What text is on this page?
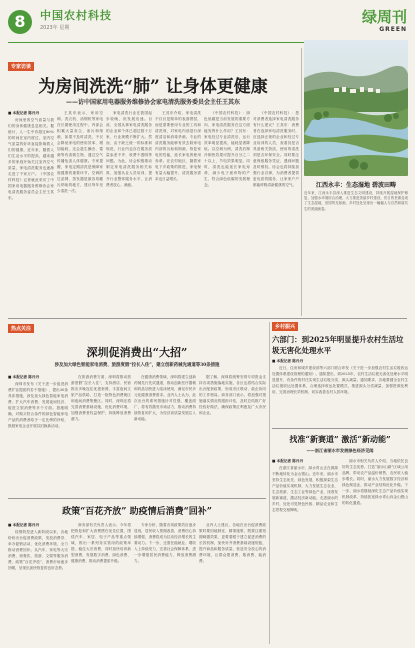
8	中国农村科技
2023年 星期
绿周刊
GREEN
专家访谈
为房间洗洗“肺” 让身体更健康
——访中国家用电器服务维修协会家电清洗服务委员会主任王其东

■ 本报记者 陈丹丹

房间里的空气质量与我们的身体健康息息相关。据统计，人一生中有超过80%的时间在室内度过，室内空气质量的好坏直接影响着人们的健康。近年来，随着人们生活水平的提高，越来越多的家庭开始关注室内空气质量，家电清洗服务也逐渐走进了千家万户。《中国农村科技》记者就此采访了中国家用电器服务维修协会家电清洗服务委员会主任王其东。

王其东表示，家用空调、洗衣机、油烟机等家电在长期使用过程中，内部会积累大量灰尘、油污和细菌，如果不及时清洗，不仅会降低家电的使用效率、增加能耗，还会滋生螨虫、霉菌等有害微生物，通过空气传播危害人体健康。专家提醒，家电定期清洗是保障家庭健康的重要环节。空调的过滤网、蒸发器是最容易藏污纳垢的地方，建议每年至少清洗一次。

家电清洗行业在我国起步较晚，但发展迅速。目前，全国从事家电清洗服务的企业和个体已超过数十万家，行业规模不断扩大。然而，由于缺乏统一的标准和规范，行业内也存在服务质量参差不齐、收费不透明等问题。为此，协会积极推动制定家电清洗服务相关标准，加强从业人员培训，提升行业整体服务水平，让消费者放心、满意。

王其东介绍，家电清洗不仅仅是简单的表面擦拭，而是需要使用专业的工具和清洗剂，对家电内部进行深度清洁和消毒杀菌。专业的清洗服务能够有效去除家电内部的污垢和细菌，恢复家电的性能，延长家电的使用寿命。在农村地区，随着家电下乡政策的推进，家电保有量大幅提升，清洗服务需求也日益增长。

《中国农村科技》：绿色低碳是当前发展的重要方向，家电清洗服务在这方面能发挥什么作用？王其东：家电经过专业清洗后，运行效率明显提高，能耗显著降低。以空调为例，清洗后制冷制热效果可提升百分之二十以上，节电效果明显。同时，清洗也能延长家电寿命，减少电子废弃物的产生，符合绿色低碳的发展理念。

《中国农村科技》：您对消费者选择家电清洗服务有什么建议？王其东：消费者在选择家电清洗服务时，应选择正规的企业和经过专业培训的人员，查看其是否具备相关资质，使用的清洗剂是否环保安全。同时要注意保留服务凭证，遇到问题及时维权。协会也将持续加强行业自律，为消费者提供更优质的服务，让家家户户都能呼吸清新健康的空气。	江西永丰：生态湿地 碧波田畴
近年来，江西永丰县深入推进生态文明建设，持续开展湿地保护修复，加强水环境综合治理，大力推进美丽乡村建设，昔日的荒滩变成了生态湿地，田园风光如画，乡村处处呈现出一幅幅人与自然和谐共生的美丽画卷。
热点关注
深圳促消费出“大招”
涉及加大绿色智能家电消费、旅游度假“拉长入住”，建立创新药械先通道等30条措施

■ 本报记者 陈丹丹

深圳市发布《关于进一步促进消费扩容提质的若干措施》，提出30条具体措施，涉及加大绿色智能家电消费、扩大汽车消费、发展夜间经济、促进文旅消费等多个方面。措施明确，对购买符合条件的绿色智能家电产品的消费者给予一定比例的补贴，鼓励家电企业开展以旧换新活动。

在旅游消费方面，深圳将推动旅游度假“拉长入住”，支持酒店、民宿推出多晚连住优惠套餐，丰富夜间文旅产品供给，打造一批特色消费街区和夜间消费集聚区。同时，深圳还将完善消费基础设施，优化消费环境，加强消费者权益保护，持续释放消费潜力。

在健康消费领域，深圳将建立创新药械先行先试通道，推动创新医疗器械和药品加快进入临床使用，满足市民多元化健康消费需求。业内人士认为，此次出台的系列措施针对性强、覆盖面广，将有效激发市场活力，推动消费持续恢复和扩大，为经济高质量发展注入新动能。

据了解，深圳将统筹安排专项资金支持各项措施落地实施，各区也将结合实际出台配套政策，形成市区联动、政企协同的工作格局。商务部门表示，将加强对措施落实情况的跟踪评估，及时总结推广好经验好做法，确保政策红利惠及广大市民和企业。

政策“百花齐放” 助疫情后消费“回补”

■ 本报记者 陈丹丹

疫情防控进入新阶段以来，各地纷纷出台促消费政策，发放消费券、举办促销活动、优化消费环境，全力推动消费回补。从汽车、家电等大宗消费，到餐饮、旅游、文娱等服务消费，政策“百花齐放”，消费市场逐步回暖，呈现出加快恢复的良好态势。

商务部有关负责人表示，今年将把恢复和扩大消费摆在优先位置，围绕汽车、家居、电子产品等重点领域，推出一系列务实管用的政策举措，稳住大宗消费，同时加快培育新型消费，发展数字消费、绿色消费、健康消费，推动消费提质升级。

专家分析，随着各项政策效应逐步显现，居民收入预期改善，消费信心持续增强，消费将成为拉动经济增长的主要动力。下一步，还需在稳就业、增收入上持续发力，完善社会保障体系，进一步增强居民消费能力，释放消费潜力。

业内人士建议，各地在出台促消费政策时要因地制宜、精准施策，既要注重短期刺激效果，更要着眼于建立促进消费的长效机制，加快补齐消费基础设施短板，提升商品和服务质量，营造安全放心的消费环境，让群众愿消费、敢消费、能消费。

乡村振兴
六部门：到2025年明显提升农村生活垃圾无害化处理水平

■ 本报记者 陈丹丹

近日，住房和城乡建设部等六部门联合印发《关于进一步加强农村生活垃圾收运处置体系建设管理的通知》。通知提出，到2025年，农村生活垃圾无害化处理水平明显提升，有条件的村庄实现生活垃圾分类、源头减量。通知要求，各地要健全农村生活垃圾收运处置体系，合理选择收运处置模式，推进源头分类减量，加强资源化利用，完善治理长效机制，切实改善农村人居环境。

找准“新赛道” 激活“新动能”
——浙江省丽水市发展绿色经济见闻

■ 本报记者 陈丹丹

在浙江省丽水市，绿水青山正在源源不断地转化为金山银山。近年来，丽水市坚持生态优先、绿色发展，积极探索生态产品价值实现机制，大力发展生态农业、生态旅游、生态工业等绿色产业，找准发展新赛道，激活经济新动能。走进丽水的乡村，处处可见特色民宿、精品农业和生态景观交相辉映。

丽水市相关负责人介绍，当地依托良好的生态优势，打造“丽水山耕”区域公用品牌，带动农产品溢价销售，农民收入稳步增长。同时，丽水大力发展数字经济和绿色制造业，推动产业结构优化升级。下一步，丽水将继续深化生态产品价值实现机制改革，持续拓宽绿水青山向金山银山的转化通道。
